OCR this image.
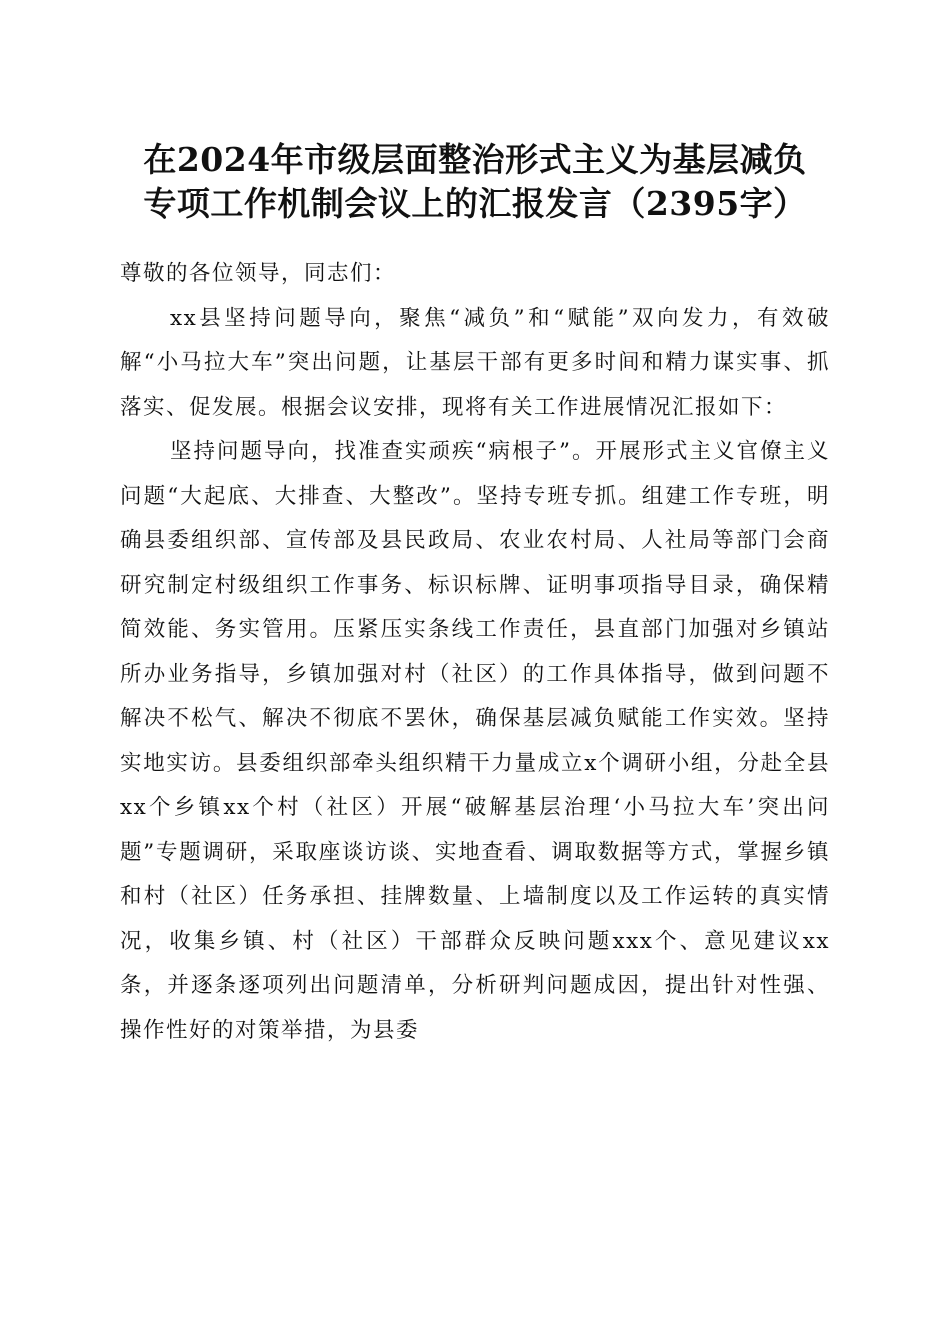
在2024年市级层面整治形式主义为基层减负
专项工作机制会议上的汇报发言（2395字）

尊敬的各位领导，同志们：

xx县坚持问题导向，聚焦“减负”和“赋能”双向发力，有效破解“小马拉大车”突出问题，让基层干部有更多时间和精力谋实事、抓落实、促发展。根据会议安排，现将有关工作进展情况汇报如下：

坚持问题导向，找准查实顽疾“病根子”。开展形式主义官僚主义问题“大起底、大排查、大整改”。坚持专班专抓。组建工作专班，明确县委组织部、宣传部及县民政局、农业农村局、人社局等部门会商研究制定村级组织工作事务、标识标牌、证明事项指导目录，确保精简效能、务实管用。压紧压实条线工作责任，县直部门加强对乡镇站所办业务指导，乡镇加强对村（社区）的工作具体指导，做到问题不解决不松气、解决不彻底不罢休，确保基层减负赋能工作实效。坚持实地实访。县委组织部牵头组织精干力量成立x个调研小组，分赴全县xx个乡镇xx个村（社区）开展“破解基层治理‘小马拉大车’突出问题”专题调研，采取座谈访谈、实地查看、调取数据等方式，掌握乡镇和村（社区）任务承担、挂牌数量、上墙制度以及工作运转的真实情况，收集乡镇、村（社区）干部群众反映问题xxx个、意见建议xx条，并逐条逐项列出问题清单，分析研判问题成因，提出针对性强、操作性好的对策举措，为县委
